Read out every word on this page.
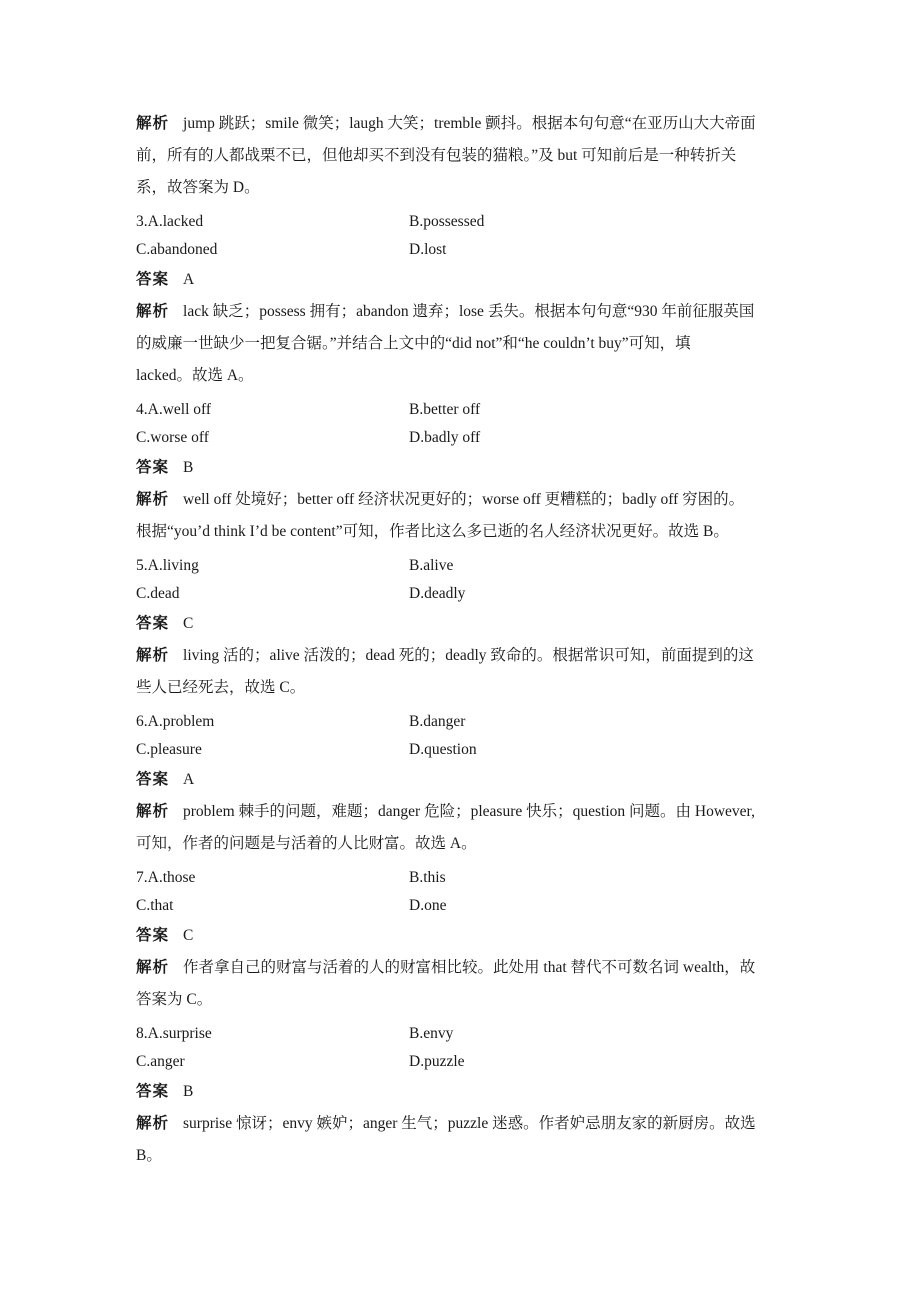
解析 jump 跳跃；smile 微笑；laugh 大笑；tremble 颤抖。根据本句句意“在亚历山大大帝面
前，所有的人都战栗不已，但他却买不到没有包装的猫粮。”及 but 可知前后是一种转折关
系，故答案为 D。
3.A.lacked	B.possessed
C.abandoned	D.lost
答案 A
解析 lack 缺乏；possess 拥有；abandon 遗弃；lose 丢失。根据本句句意“930 年前征服英国
的威廉一世缺少一把复合锯。”并结合上文中的“did not”和“he couldn’t buy”可知，填
lacked。故选 A。
4.A.well off	B.better off
C.worse off	D.badly off
答案 B
解析 well off 处境好；better off 经济状况更好的；worse off 更糟糕的；badly off 穷困的。
根据“you’d think I’d be content”可知，作者比这么多已逝的名人经济状况更好。故选 B。
5.A.living	B.alive
C.dead	D.deadly
答案 C
解析 living 活的；alive 活泼的；dead 死的；deadly 致命的。根据常识可知，前面提到的这
些人已经死去，故选 C。
6.A.problem	B.danger
C.pleasure	D.question
答案 A
解析 problem 棘手的问题，难题；danger 危险；pleasure 快乐；question 问题。由 However,
可知，作者的问题是与活着的人比财富。故选 A。
7.A.those	B.this
C.that	D.one
答案 C
解析 作者拿自己的财富与活着的人的财富相比较。此处用 that 替代不可数名词 wealth，故
答案为 C。
8.A.surprise	B.envy
C.anger	D.puzzle
答案 B
解析 surprise 惊讶；envy 嫉妒；anger 生气；puzzle 迷惑。作者妒忌朋友家的新厨房。故选
B。
